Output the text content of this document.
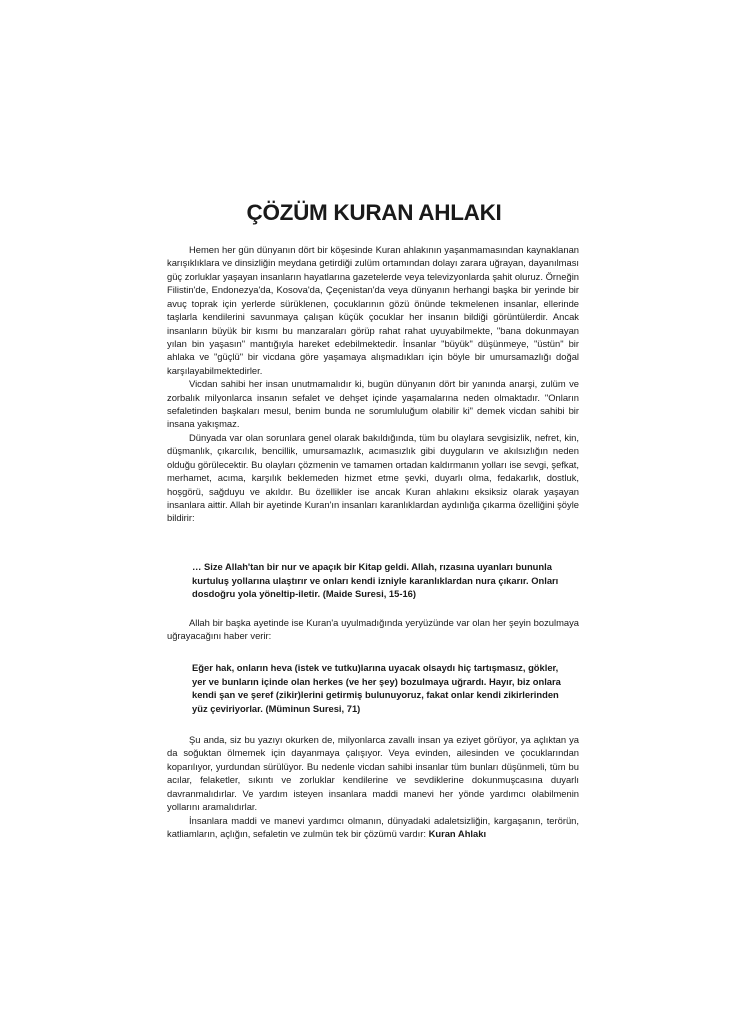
ÇÖZÜM KURAN AHLAKI

Hemen her gün dünyanın dört bir köşesinde Kuran ahlakının yaşanmamasından kaynaklanan karışıklıklara ve dinsizliğin meydana getirdiği zulüm ortamından dolayı zarara uğrayan, dayanılması güç zorluklar yaşayan insanların hayatlarına gazetelerde veya televizyonlarda şahit oluruz. Örneğin Filistin'de, Endonezya'da, Kosova'da, Çeçenistan'da veya dünyanın herhangi başka bir yerinde bir avuç toprak için yerlerde sürüklenen, çocuklarının gözü önünde tekmelenen insanlar, ellerinde taşlarla kendilerini savunmaya çalışan küçük çocuklar her insanın bildiği görüntülerdir. Ancak insanların büyük bir kısmı bu manzaraları görüp rahat rahat uyuyabilmekte, "bana dokunmayan yılan bin yaşasın" mantığıyla hareket edebilmektedir. İnsanlar "büyük" düşünmeye, "üstün" bir ahlaka ve "güçlü" bir vicdana göre yaşamaya alışmadıkları için böyle bir umursamazlığı doğal karşılayabilmektedirler.

Vicdan sahibi her insan unutmamalıdır ki, bugün dünyanın dört bir yanında anarşi, zulüm ve zorbalık milyonlarca insanın sefalet ve dehşet içinde yaşamalarına neden olmaktadır. "Onların sefaletinden başkaları mesul, benim bunda ne sorumluluğum olabilir ki" demek vicdan sahibi bir insana yakışmaz.

Dünyada var olan sorunlara genel olarak bakıldığında, tüm bu olaylara sevgisizlik, nefret, kin, düşmanlık, çıkarcılık, bencillik, umursamazlık, acımasızlık gibi duyguların ve akılsızlığın neden olduğu görülecektir. Bu olayları çözmenin ve tamamen ortadan kaldırmanın yolları ise sevgi, şefkat, merhamet, acıma, karşılık beklemeden hizmet etme şevki, duyarlı olma, fedakarlık, dostluk, hoşgörü, sağduyu ve akıldır. Bu özellikler ise ancak Kuran ahlakını eksiksiz olarak yaşayan insanlara aittir. Allah bir ayetinde Kuran'ın insanları karanlıklardan aydınlığa çıkarma özelliğini şöyle bildirir:

… Size Allah'tan bir nur ve apaçık bir Kitap geldi. Allah, rızasına uyanları bununla kurtuluş yollarına ulaştırır ve onları kendi izniyle karanlıklardan nura çıkarır. Onları dosdoğru yola yöneltip-iletir. (Maide Suresi, 15-16)

Allah bir başka ayetinde ise Kuran'a uyulmadığında yeryüzünde var olan her şeyin bozulmaya uğrayacağını haber verir:

Eğer hak, onların heva (istek ve tutku)larına uyacak olsaydı hiç tartışmasız, gökler, yer ve bunların içinde olan herkes (ve her şey) bozulmaya uğrardı. Hayır, biz onlara kendi şan ve şeref (zikir)lerini getirmiş bulunuyoruz, fakat onlar kendi zikirlerinden yüz çeviriyorlar. (Müminun Suresi, 71)

Şu anda, siz bu yazıyı okurken de, milyonlarca zavallı insan ya eziyet görüyor, ya açlıktan ya da soğuktan ölmemek için dayanmaya çalışıyor. Veya evinden, ailesinden ve çocuklarından koparılıyor, yurdundan sürülüyor. Bu nedenle vicdan sahibi insanlar tüm bunları düşünmeli, tüm bu acılar, felaketler, sıkıntı ve zorluklar kendilerine ve sevdiklerine dokunmuşcasına duyarlı davranmalıdırlar. Ve yardım isteyen insanlara maddi manevi her yönde yardımcı olabilmenin yollarını aramalıdırlar.

İnsanlara maddi ve manevi yardımcı olmanın, dünyadaki adaletsizliğin, kargaşanın, terörün, katliamların, açlığın, sefaletin ve zulmün tek bir çözümü vardır: Kuran Ahlakı
